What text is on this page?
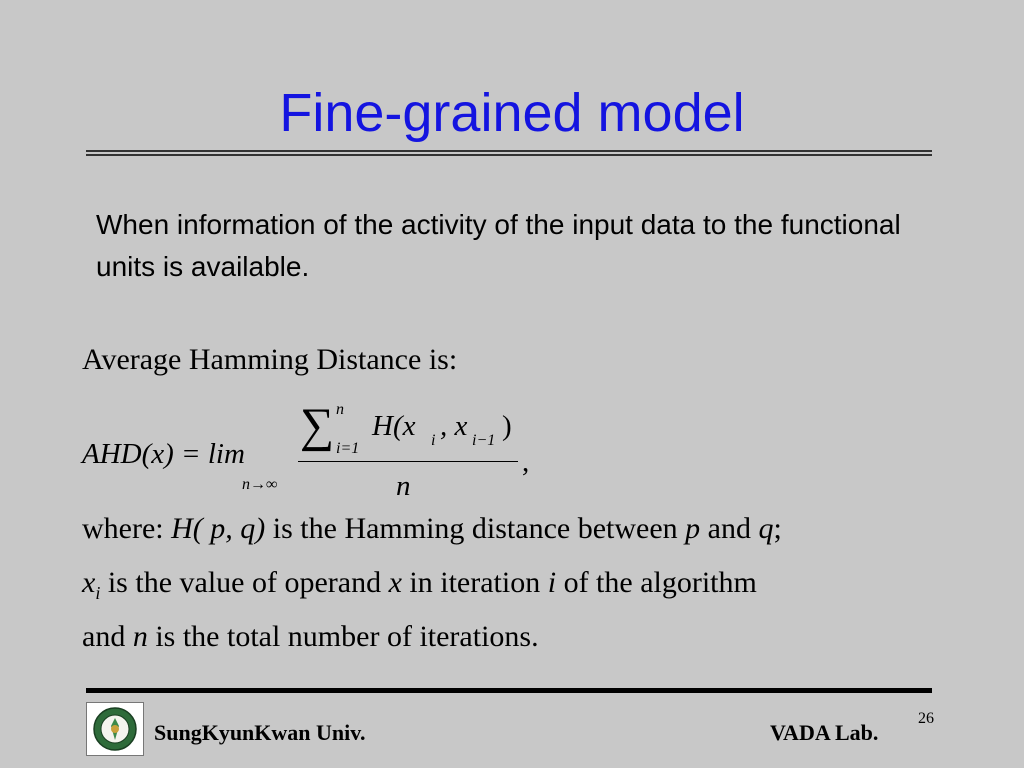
Fine-grained model
When information of the activity of the input data to the functional units is available.
Average Hamming Distance is:
AHD(x) = lim
n→∞
∑ n
i=1
H(x i , x i−1 )
n
,
where: H( p, q) is the Hamming distance between p and q;
$x_i$ is the value of operand x in iteration i of the algorithm
and n is the total number of iterations.
SungKyunKwan Univ.	VADA Lab.
26
